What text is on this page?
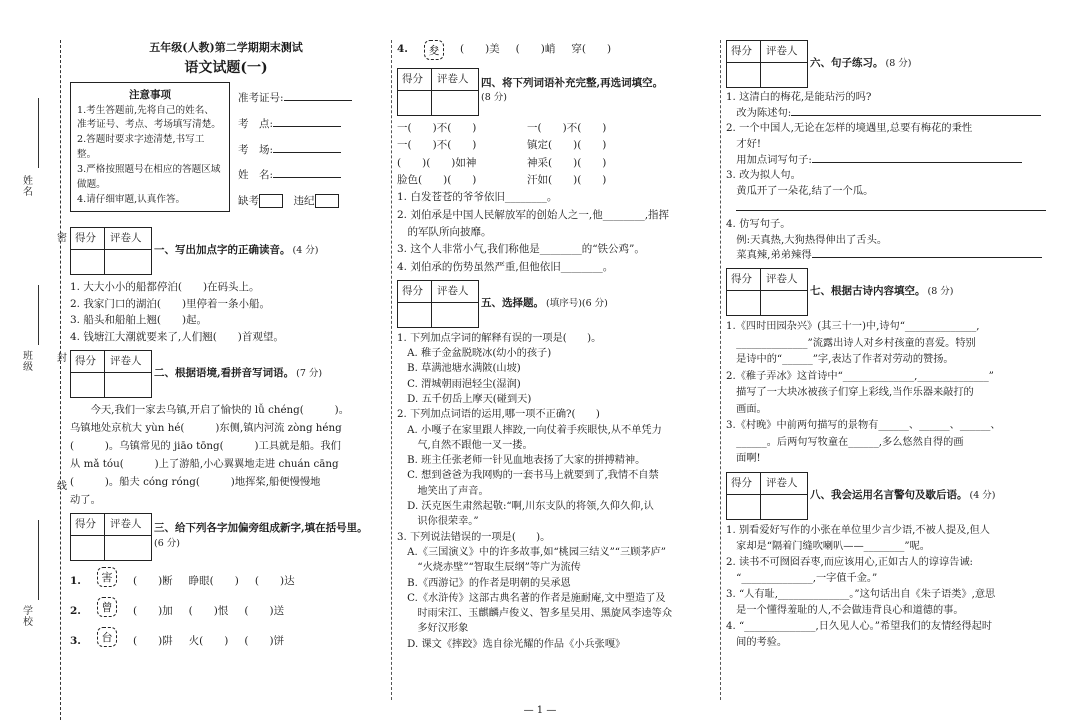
姓名
班级
学校
密
封
线
五年级(人教)第二学期期末测试
语文试题(一)
注意事项
1.考生答题前,先将自己的姓名、准考证号、考点、考场填写清楚。
2.答题时要求字迹清楚,书写工整。
3.严格按照题号在相应的答题区域做题。
4.请仔细审题,认真作答。
准考证号:
考　点:
考　场:
姓　名:
缺考　	违纪
得分 评卷人
一、写出加点字的正确读音。 (4 分)
1. 大大小小的船都停泊(　　)在码头上。
2. 我家门口的湖泊(　　)里停着一条小船。
3. 船头和船舶上翘(　　)起。
4. 钱塘江大潮就要来了,人们翘(　　)首观望。
得分 评卷人
二、根据语境,看拼音写词语。 (7 分)
　　今天,我们一家去乌镇,开启了愉快的 lǚ chéng(　　　)。
乌镇地处京杭大 yùn hé(　　　)东侧,镇内河流 zòng héng
(　　　)。乌镇常见的 jiāo tōng(　　　)工具就是船。我们
从 mǎ tóu(　　　)上了游船,小心翼翼地走进 chuán cāng
(　　　)。船夫 cóng róng(　　　)地挥桨,船便慢慢地
动了。
得分 评卷人 三、给下列各字加偏旁组成新字,填在括号里。(6 分)
1.	害	(　　)断 睁眼(　　) (　　)达
2.	曾	(　　)加 (　　)恨 (　　)送
3.	台	(　　)阱 火(　　) (　　)饼
4.	夋	(　　)美 (　　)峭 穿(　　)
得分 评卷人 四、将下列词语补充完整,再选词填空。
(8 分)
一(　　)不(　　)	一(　　)不(　　)
一(　　)不(　　)	镇定(　　)(　　)
(　　)(　　)如神	神采(　　)(　　)
脸色(　　)(　　)	汗如(　　)(　　)
1. 白发苍苍的爷爷依旧________。
2. 刘伯承是中国人民解放军的创始人之一,他________,指挥
　的军队所向披靡。
3. 这个人非常小气,我们称他是________的“铁公鸡”。
4. 刘伯承的伤势虽然严重,但他依旧________。
得分 评卷人
五、选择题。 (填序号)(6 分)
1. 下列加点字词的解释有误的一项是(　　)。
　A. 稚子金盆脱晓冰(幼小的孩子)
　B. 草满池塘水满陂(山坡)
　C. 渭城朝雨浥轻尘(湿润)
　D. 五千仞岳上摩天(碰到天)
2. 下列加点词语的运用,哪一项不正确?(　　)
　A. 小嘎子在家里跟人摔跤,一向仗着手疾眼快,从不单凭力
　　气,自然不跟他一叉一搂。
　B. 班主任张老师一针见血地表扬了大家的拼搏精神。
　C. 想到爸爸为我网购的一套书马上就要到了,我情不自禁
　　地笑出了声音。
　D. 沃克医生肃然起敬:“啊,川东支队的将领,久仰久仰,认
　　识你很荣幸。”
3. 下列说法错误的一项是(　　)。
　A.《三国演义》中的许多故事,如“桃园三结义”“三顾茅庐”
　　“火烧赤壁”“智取生辰纲”等广为流传
　B.《西游记》的作者是明朝的吴承恩
　C.《水浒传》这部古典名著的作者是施耐庵,文中塑造了及
　　时雨宋江、玉麒麟卢俊义、智多星吴用、黑旋风李逵等众
　　多好汉形象
　D. 课文《摔跤》选自徐光耀的作品《小兵张嘎》
得分 评卷人
六、句子练习。 (8 分)
1. 这清白的梅花,是能玷污的吗?
　改为陈述句:
2. 一个中国人,无论在怎样的境遇里,总要有梅花的秉性
　才好!
　用加点词写句子:
3. 改为拟人句。
　黄瓜开了一朵花,结了一个瓜。
4. 仿写句子。
　例:天真热,大狗热得伸出了舌头。
　菜真辣,弟弟辣得
得分 评卷人
七、根据古诗内容填空。 (8 分)
1.《四时田园杂兴》(其三十一)中,诗句“______________,
　______________”流露出诗人对乡村孩童的喜爱。特别
　是诗中的“______”字,表达了作者对劳动的赞扬。
2.《稚子弄冰》这首诗中“______________,______________”
　描写了一大块冰被孩子们穿上彩线,当作乐器来敲打的
　画面。
3.《村晚》中前两句描写的景物有______、______、______、
　______。后两句写牧童在______,多么悠然自得的画
　面啊!
得分 评卷人
八、我会运用名言警句及歇后语。 (4 分)
1. 别看爱好写作的小张在单位里少言少语,不被人提及,但人
　家却是“隔着门缝吹喇叭——________”呢。
2. 读书不可囫囵吞枣,而应该用心,正如古人的谆谆告诫:
　“______________,一字值千金。”
3. “人有耻,______________。”这句话出自《朱子语类》,意思
　是一个懂得羞耻的人,不会做违背良心和道德的事。
4. “______________,日久见人心。”希望我们的友情经得起时
　间的考验。
— 1 —
